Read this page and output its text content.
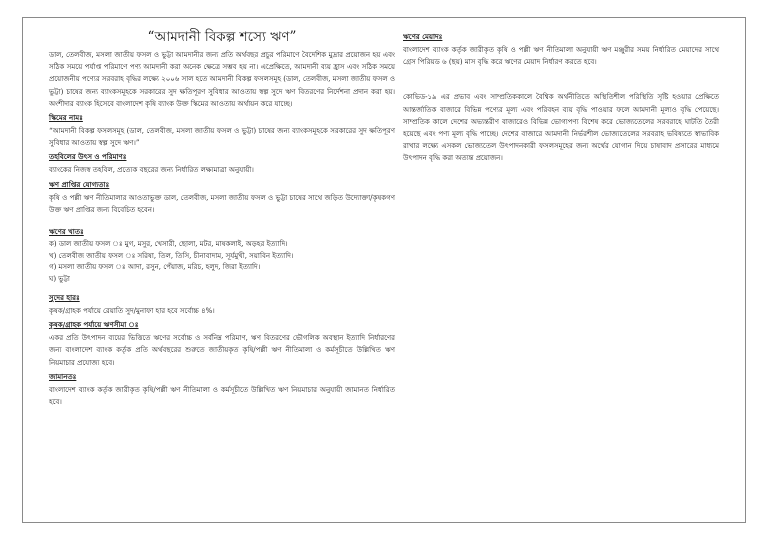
“আমদানী বিকল্প শস্যে ঋণ”

ডাল, তেলবীজ, মসলা জাতীয় ফসল ও ভুট্টা আমদানীর জন্য প্রতি অর্থবছর প্রচুর পরিমাণে বৈদেশিক মুদ্রার প্রয়োজন হয় এবং সঠিক সময়ে পর্যাপ্ত পরিমাণে পণ্য আমদানী করা অনেক ক্ষেত্রে সম্ভব হয় না। এপ্রেক্ষিতে, আমদানী ব্যয় হ্রাস এবং সঠিক সময়ে প্রয়োজনীয় পণ্যের সরবরাহ বৃদ্ধির লক্ষ্যে ২০০৬ সাল হতে আমদানী বিকল্প ফসলসমূহ (ডাল, তেলবীজ, মসলা জাতীয় ফসল ও ভুট্টা) চাষের জন্য ব্যাংকসমূহকে সরকারের সুদ ক্ষতিপূরণ সুবিধার আওতায় স্বল্প সুদে ঋণ বিতরণের নির্দেশনা প্রদান করা হয়। অংশীদার ব্যাংক হিসেবে বাংলাদেশ কৃষি ব্যাংক উক্ত স্কিমের আওতায় অর্থায়ন করে যাচ্ছে।

স্কিমের নামঃ

“আমদানী বিকল্প ফসলসমূহ (ডাল, তেলবীজ, মসলা জাতীয় ফসল ও ভুট্টা) চাষের জন্য ব্যাংকসমূহকে সরকারের সুদ ক্ষতিপূরণ সুবিধার আওতায় স্বল্প সুদে ঋণ।”

তহবিলের উৎস ও পরিমাণঃ

ব্যাংকের নিজস্ব তহবিল, প্রত্যেক বছরের জন্য নির্ধারিত লক্ষ্যমাত্রা অনুযায়ী।

ঋণ প্রাপ্তির যোগ্যতাঃ

কৃষি ও পল্লী ঋণ নীতিমালার আওতাভুক্ত ডাল, তেলবীজ, মসলা জাতীয় ফসল ও ভুট্টা চাষের সাথে জড়িত উদ্যোক্তা/কৃষকগণ উক্ত ঋণ প্রাপ্তির জন্য বিবেচিত হবেন।

ঋণের খাতঃ

ক) ডাল জাতীয় ফসল ঃ মুগ, মসুর, খেসারী, ছোলা, মটর, মাষকলাই, অড়হর ইত্যাদি।

খ) তেলবীজ জাতীয় ফসল ঃ সরিষা, তিল, তিসি, চীনাবাদাম, সূর্যমুখী, সয়াবিন ইত্যাদি।

গ) মসলা জাতীয় ফসল ঃ আদা, রসুন, পেঁয়াজ, মরিচ, হলুদ, জিরা ইত্যাদি।

ঘ) ভুট্টা

সুদের হারঃ

কৃষক/গ্রাহক পর্যায়ে রেয়াতি সুদ/মুনাফা হার হবে সর্বোচ্চ ৪%।

কৃষক/গ্রাহক পর্যায়ে ঋণসীমা ঃ

একর প্রতি উৎপাদন ব্যয়ের ভিত্তিতে ঋণের সর্বোচ্চ ও সর্বনিম্ন পরিমাণ, ঋণ বিতরণের ভৌগলিক অবস্থান ইত্যাদি নির্ধারণের জন্য বাংলাদেশ ব্যাংক কর্তৃক প্রতি অর্থবছরের শুরুতে জাতীয়কৃত কৃষি/পল্লী ঋণ নীতিমালা ও কর্মসূচীতে উল্লিখিত ঋণ নিয়মাচার প্রযোজ্য হবে।

জামানতঃ

বাংলাদেশ ব্যাংক কর্তৃক জারীকৃত কৃষি/পল্লী ঋণ নীতিমালা ও কর্মসূচীতে উল্লিখিত ঋণ নিয়মাচার অনুযায়ী জামানত নির্ধারিত হবে।

ঋণের মেয়াদঃ

বাংলাদেশ ব্যাংক কর্তৃক জারীকৃত কৃষি ও পল্লী ঋণ নীতিমালা অনুযায়ী ঋণ মঞ্জুরীর সময় নির্ধারিত মেয়াদের সাথে গ্রেস পিরিয়ড ৬ (ছয়) মাস বৃদ্ধি করে ঋণের মেয়াদ নির্ধারণ করতে হবে।

কোভিড-১৯ এর প্রভাব এবং সাম্প্রতিককালে বৈশ্বিক অর্থনীতিতে অস্থিতিশীল পরিস্থিতি সৃষ্টি হওয়ার প্রেক্ষিতে আন্তর্জাতিক বাজারে বিভিন্ন পণ্যের মূল্য এবং পরিবহন ব্যয় বৃদ্ধি পাওয়ার ফলে আমদানী মূল্যও বৃদ্ধি পেয়েছে। সাম্প্রতিক কালে দেশের অভ্যন্তরীণ বাজারেও বিভিন্ন ভোগ্যপণ্য বিশেষ করে ভোজ্যতেলের সরবরাহে ঘাটতি তৈরী হয়েছে এবং পণ্য মূল্য বৃদ্ধি পাচ্ছে। দেশের বাজারে আমদানী নির্ভরশীল ভোজ্যতেলের সরবরাহ ভবিষ্যতে স্বাভাবিক রাখার লক্ষ্যে এসকল ভোজ্যতেল উৎপাদনকারী ফসলসমূহের জন্য অর্থের যোগান দিয়ে চাষাবাদ প্রসারের মাধ্যমে উৎপাদন বৃদ্ধি করা অত্যন্ত প্রয়োজন।
